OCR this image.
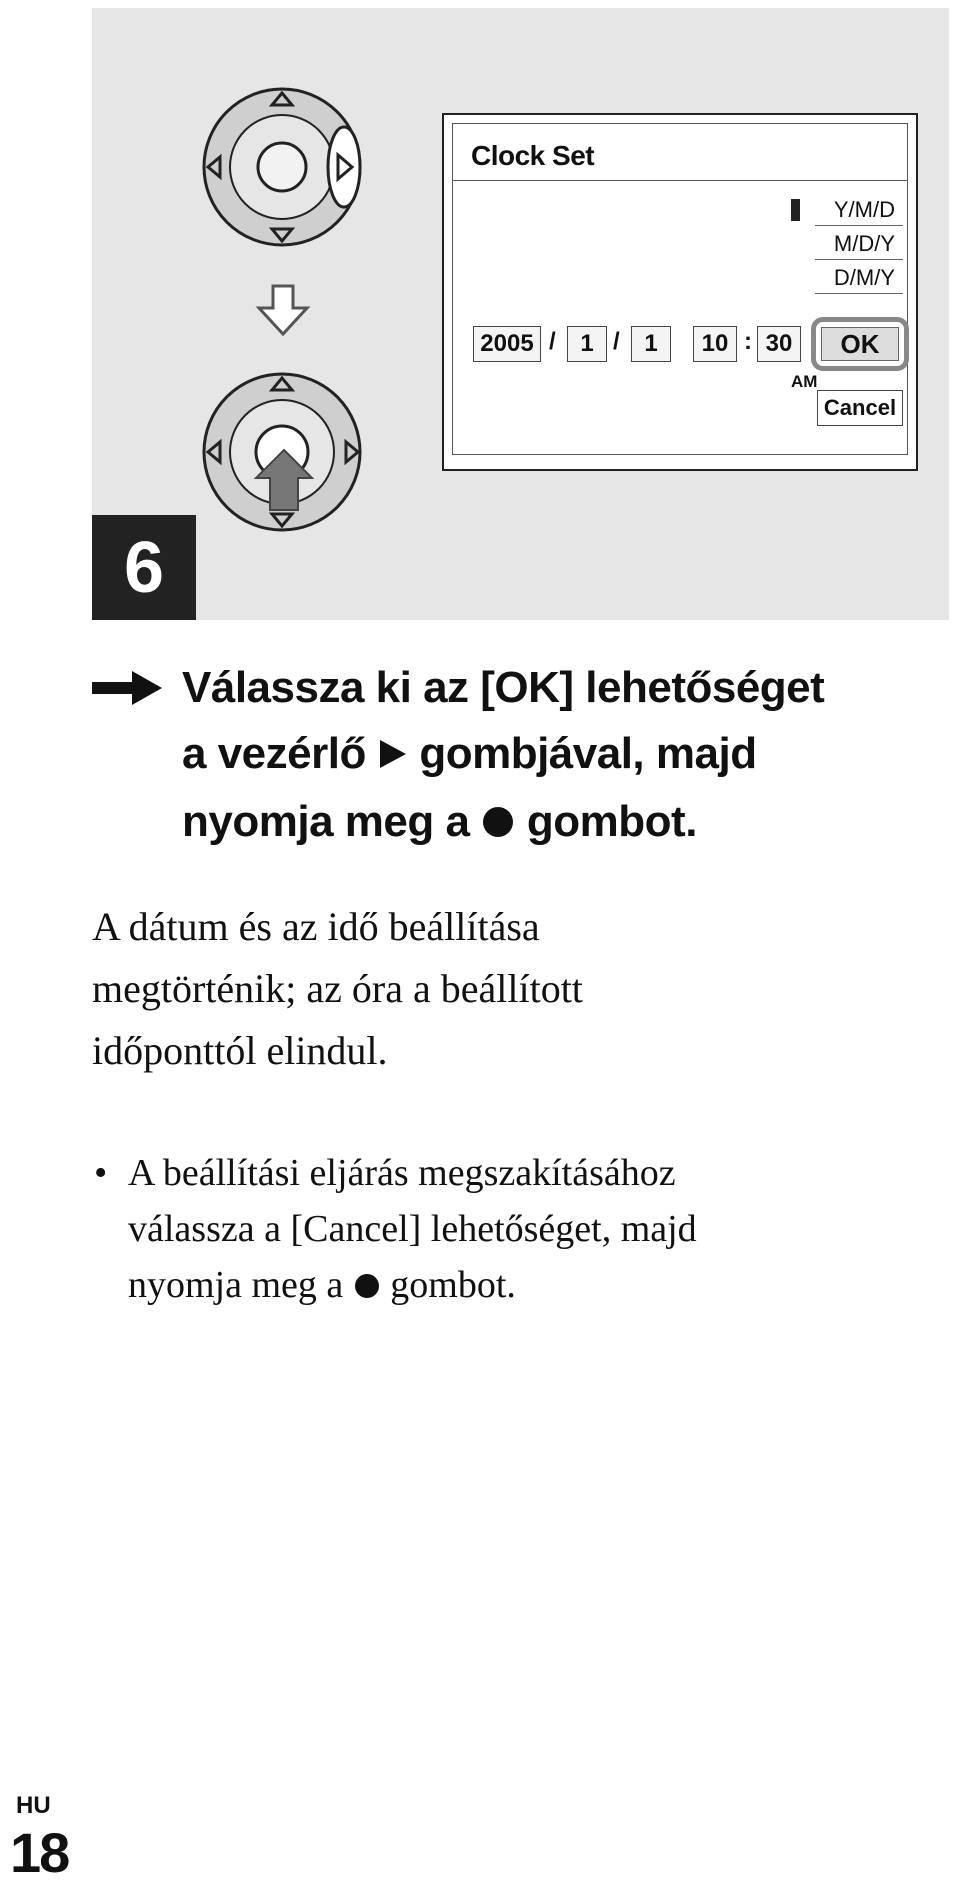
Clock Set
Y/M/D
M/D/Y
D/M/Y
2005 /	1 /	1	10 : 30	OK
AM
Cancel
6
Válassza ki az [OK] lehetőséget
a vezérlő gombjával, majd
nyomja meg a gombot.
A dátum és az idő beállítása
megtörténik; az óra a beállított
időponttól elindul.
• A beállítási eljárás megszakításához
válassza a [Cancel] lehetőséget, majd
nyomja meg a gombot.
HU
18
